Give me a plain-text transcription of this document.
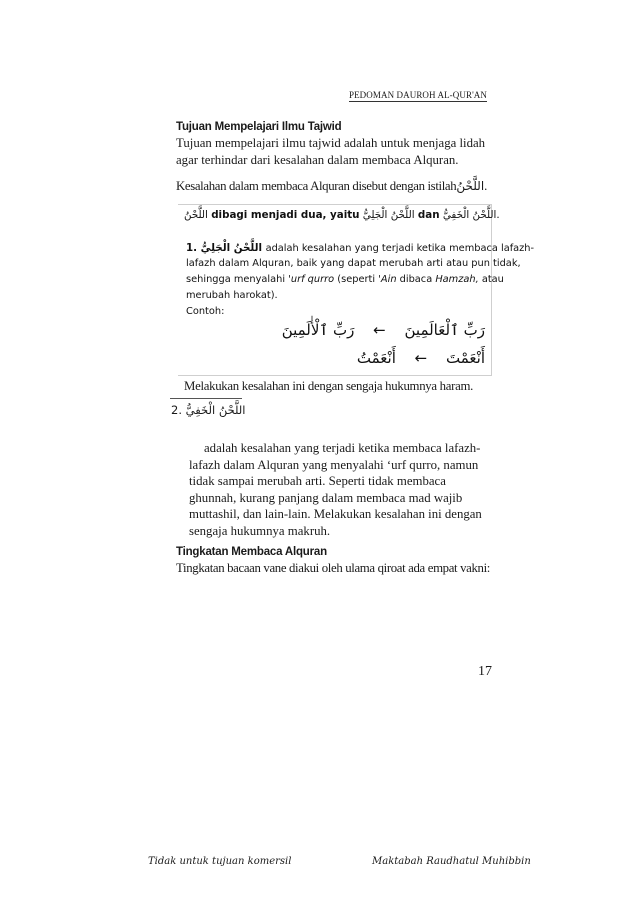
PEDOMAN DAUROH AL-QUR'AN
Tujuan Mempelajari Ilmu Tajwid
Tujuan mempelajari ilmu tajwid adalah untuk menjaga lidah
agar terhindar dari kesalahan dalam membaca Alquran.
Kesalahan dalam membaca Alquran disebut dengan istilahاللَّحْنُ.
اللَّحْنُ dibagi menjadi dua, yaitu اللَّحْنُ الْجَلِيُّ dan اللَّحْنُ الْخَفِيُّ.
1. اللَّحْنُ الْجَلِيُّ adalah kesalahan yang terjadi ketika membaca lafazh-
lafazh dalam Alquran, baik yang dapat merubah arti atau pun tidak,
sehingga menyalahi 'urf qurro (seperti 'Ain dibaca Hamzah, atau
merubah harokat).
Contoh:
رَبِّ ٱلْأٰلَمِينَ ← رَبِّ ٱلْعَالَمِينَ
أَنْعَمْتُ ← أَنْعَمْتَ
Melakukan kesalahan ini dengan sengaja hukumnya haram.
2. اللَّحْنُ الْخَفِيُّ
adalah kesalahan yang terjadi ketika membaca lafazh-
lafazh dalam Alquran yang menyalahi ‘urf qurro, namun
tidak sampai merubah arti. Seperti tidak membaca
ghunnah, kurang panjang dalam membaca mad wajib
muttashil, dan lain-lain. Melakukan kesalahan ini dengan
sengaja hukumnya makruh.
Tingkatan Membaca Alquran
Tingkatan bacaan vane diakui oleh ulama qiroat ada empat vakni:
17
Tidak untuk tujuan komersil	Maktabah Raudhatul Muhibbin
